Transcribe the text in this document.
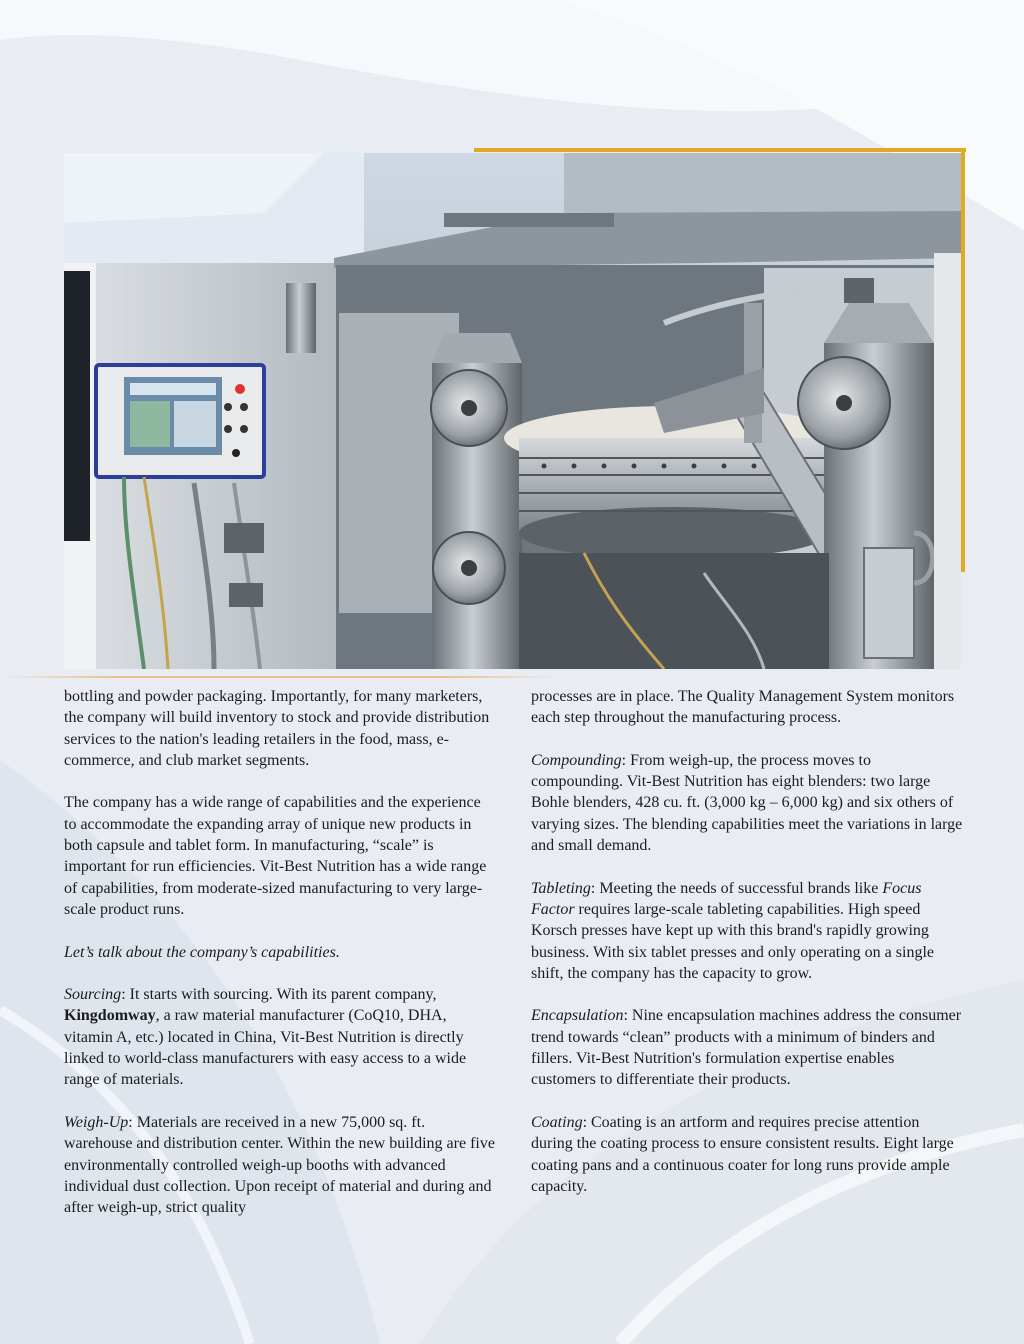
bottling and powder packaging. Importantly, for many marketers, the company will build inventory to stock and provide distribution services to the nation's leading retailers in the food, mass, e-commerce, and club market segments.

The company has a wide range of capabilities and the experience to accommodate the expanding array of unique new products in both capsule and tablet form. In manufacturing, “scale” is important for run efficiencies. Vit-Best Nutrition has a wide range of capabilities, from moderate-sized manufacturing to very large-scale product runs.

Let’s talk about the company’s capabilities.

Sourcing: It starts with sourcing. With its parent company, Kingdomway, a raw material manufacturer (CoQ10, DHA, vitamin A, etc.) located in China, Vit-Best Nutrition is directly linked to world-class manufacturers with easy access to a wide range of materials.

Weigh-Up: Materials are received in a new 75,000 sq. ft. warehouse and distribution center. Within the new building are five environmentally controlled weigh-up booths with advanced individual dust collection. Upon receipt of material and during and after weigh-up, strict quality

processes are in place. The Quality Management System monitors each step throughout the manufacturing process.

Compounding: From weigh-up, the process moves to compounding. Vit-Best Nutrition has eight blenders: two large Bohle blenders, 428 cu. ft. (3,000 kg – 6,000 kg) and six others of varying sizes. The blending capabilities meet the variations in large and small demand.

Tableting: Meeting the needs of successful brands like Focus Factor requires large-scale tableting capabilities. High speed Korsch presses have kept up with this brand's rapidly growing business. With six tablet presses and only operating on a single shift, the company has the capacity to grow.

Encapsulation: Nine encapsulation machines address the consumer trend towards “clean” products with a minimum of binders and fillers. Vit-Best Nutrition's formulation expertise enables customers to differentiate their products.

Coating: Coating is an artform and requires precise attention during the coating process to ensure consistent results. Eight large coating pans and a continuous coater for long runs provide ample capacity.
